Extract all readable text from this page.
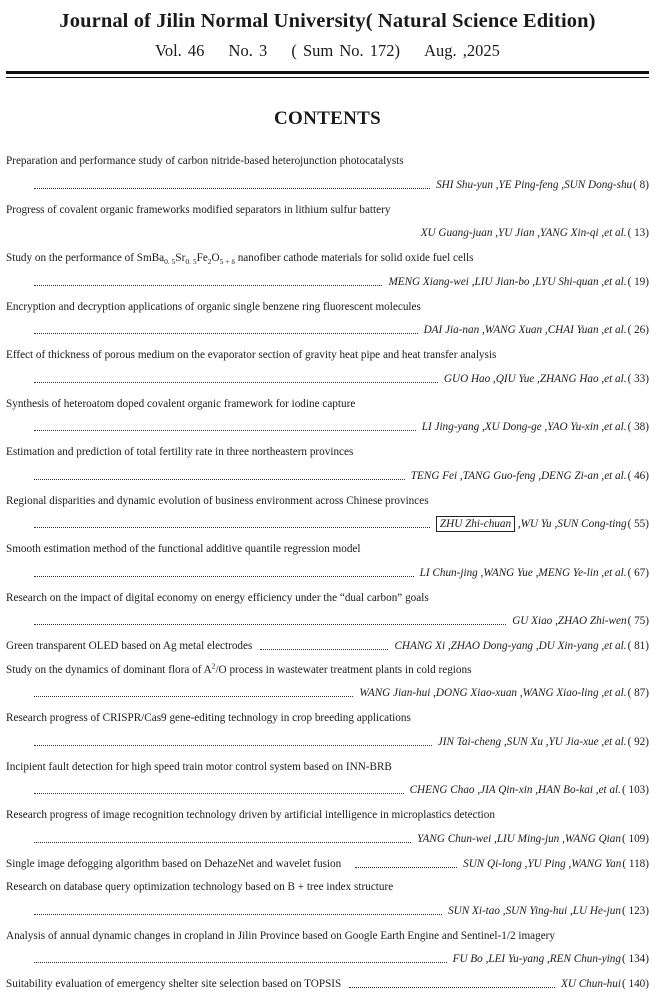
Journal of Jilin Normal University( Natural Science Edition)
Vol. 46 No. 3 ( Sum No. 172) Aug. ,2025
CONTENTS
Preparation and performance study of carbon nitride-based heterojunction photocatalysts
SHI Shu-yun ,YE Ping-feng ,SUN Dong-shu ( 8)
Progress of covalent organic frameworks modified separators in lithium sulfur battery
XU Guang-juan ,YU Jian ,YANG Xin-qi ,et al. ( 13)
Study on the performance of $SmBa_{0. 5}Sr_{0. 5}Fe_2O_{5 + \delta}$ nanofiber cathode materials for solid oxide fuel cells
MENG Xiang-wei ,LIU Jian-bo ,LYU Shi-quan ,et al. ( 19)
Encryption and decryption applications of organic single benzene ring fluorescent molecules
DAI Jia-nan ,WANG Xuan ,CHAI Yuan ,et al. ( 26)
Effect of thickness of porous medium on the evaporator section of gravity heat pipe and heat transfer analysis
GUO Hao ,QIU Yue ,ZHANG Hao ,et al. ( 33)
Synthesis of heteroatom doped covalent organic framework for iodine capture
LI Jing-yang ,XU Dong-ge ,YAO Yu-xin ,et al. ( 38)
Estimation and prediction of total fertility rate in three northeastern provinces
TENG Fei ,TANG Guo-feng ,DENG Zi-an ,et al. ( 46)
Regional disparities and dynamic evolution of business environment across Chinese provinces
ZHU Zhi-chuan ,WU Yu ,SUN Cong-ting ( 55)
Smooth estimation method of the functional additive quantile regression model
LI Chun-jing ,WANG Yue ,MENG Ye-lin ,et al. ( 67)
Research on the impact of digital economy on energy efficiency under the “dual carbon” goals
GU Xiao ,ZHAO Zhi-wen ( 75)
Green transparent OLED based on Ag metal electrodes	CHANG Xi ,ZHAO Dong-yang ,DU Xin-yang ,et al. ( 81)
Study on the dynamics of dominant flora of $A^2/O$ process in wastewater treatment plants in cold regions
WANG Jian-hui ,DONG Xiao-xuan ,WANG Xiao-ling ,et al. ( 87)
Research progress of CRISPR/Cas9 gene-editing technology in crop breeding applications
JIN Tai-cheng ,SUN Xu ,YU Jia-xue ,et al. ( 92)
Incipient fault detection for high speed train motor control system based on INN-BRB
CHENG Chao ,JIA Qin-xin ,HAN Bo-kai ,et al. ( 103)
Research progress of image recognition technology driven by artificial intelligence in microplastics detection
YANG Chun-wei ,LIU Ming-jun ,WANG Qian ( 109)
Single image defogging algorithm based on DehazeNet and wavelet fusion	SUN Qi-long ,YU Ping ,WANG Yan ( 118)
Research on database query optimization technology based on B + tree index structure
SUN Xi-tao ,SUN Ying-hui ,LU He-jun ( 123)
Analysis of annual dynamic changes in cropland in Jilin Province based on Google Earth Engine and Sentinel-1/2 imagery
FU Bo ,LEI Yu-yang ,REN Chun-ying ( 134)
Suitability evaluation of emergency shelter site selection based on TOPSIS	XU Chun-hui ( 140)
